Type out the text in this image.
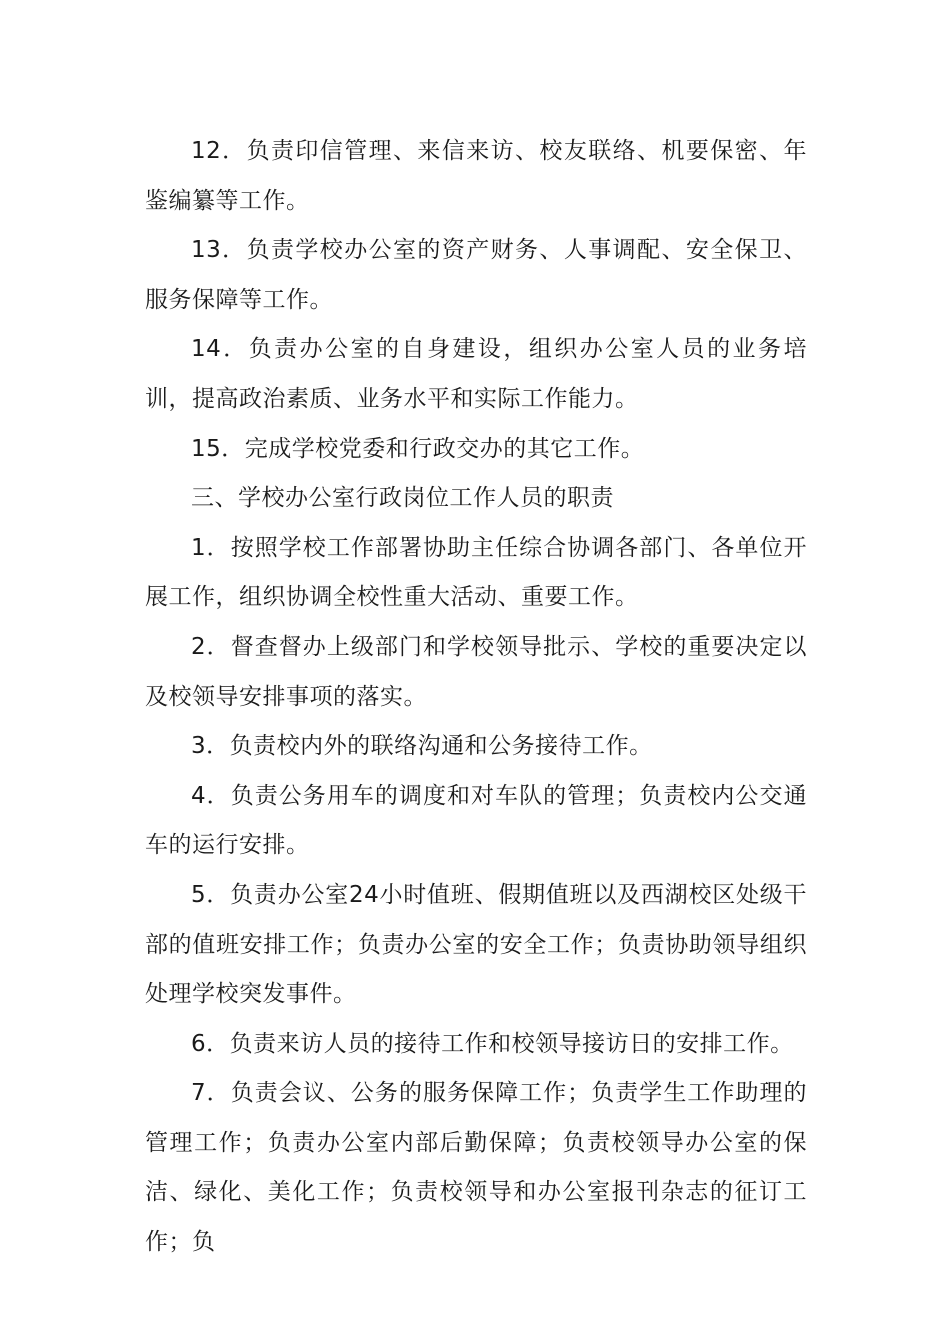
12．负责印信管理、来信来访、校友联络、机要保密、年鉴编纂等工作。

13．负责学校办公室的资产财务、人事调配、安全保卫、服务保障等工作。

14．负责办公室的自身建设，组织办公室人员的业务培训，提高政治素质、业务水平和实际工作能力。

15．完成学校党委和行政交办的其它工作。

三、学校办公室行政岗位工作人员的职责

1．按照学校工作部署协助主任综合协调各部门、各单位开展工作，组织协调全校性重大活动、重要工作。

2．督查督办上级部门和学校领导批示、学校的重要决定以及校领导安排事项的落实。

3．负责校内外的联络沟通和公务接待工作。

4．负责公务用车的调度和对车队的管理；负责校内公交通车的运行安排。

5．负责办公室24小时值班、假期值班以及西湖校区处级干部的值班安排工作；负责办公室的安全工作；负责协助领导组织处理学校突发事件。

6．负责来访人员的接待工作和校领导接访日的安排工作。

7．负责会议、公务的服务保障工作；负责学生工作助理的管理工作；负责办公室内部后勤保障；负责校领导办公室的保洁、绿化、美化工作；负责校领导和办公室报刊杂志的征订工作；负
